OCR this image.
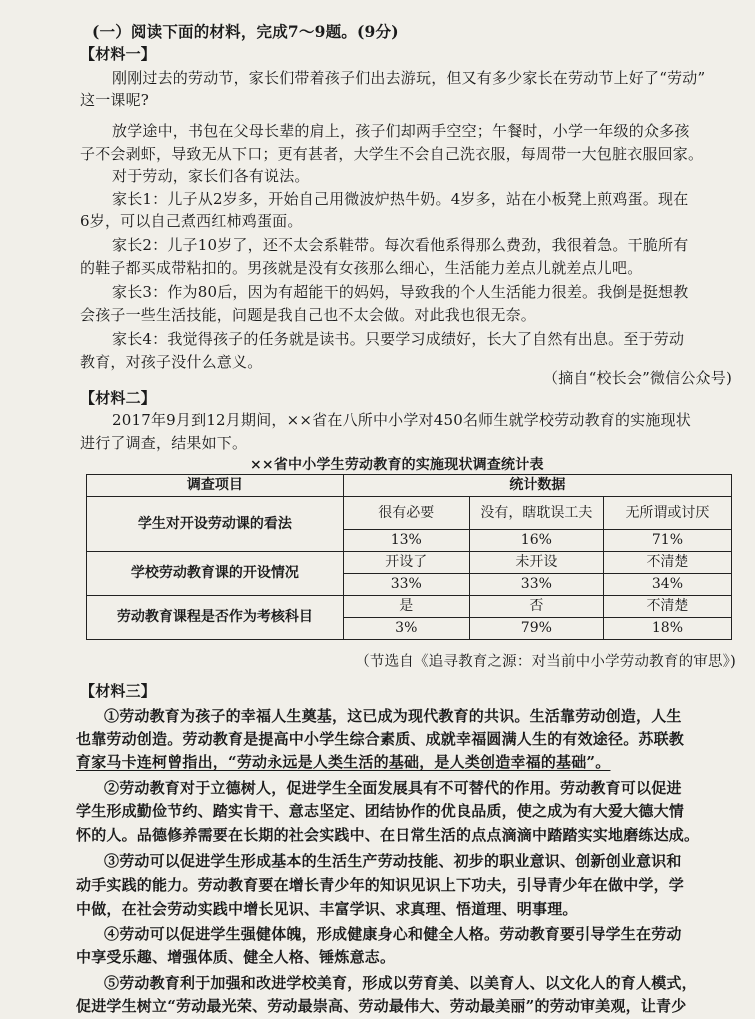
(一）阅读下面的材料，完成7～9题。(9分)
【材料一】
刚刚过去的劳动节，家长们带着孩子们出去游玩，但又有多少家长在劳动节上好了“劳动”
这一课呢?
放学途中，书包在父母长辈的肩上，孩子们却两手空空；午餐时，小学一年级的众多孩
子不会剥虾，导致无从下口；更有甚者，大学生不会自己洗衣服，每周带一大包脏衣服回家。
对于劳动，家长们各有说法。
家长1：儿子从2岁多，开始自己用微波炉热牛奶。4岁多，站在小板凳上煎鸡蛋。现在
6岁，可以自己煮西红柿鸡蛋面。
家长2：儿子10岁了，还不太会系鞋带。每次看他系得那么费劲，我很着急。干脆所有
的鞋子都买成带粘扣的。男孩就是没有女孩那么细心，生活能力差点儿就差点儿吧。
家长3：作为80后，因为有超能干的妈妈，导致我的个人生活能力很差。我倒是挺想教
会孩子一些生活技能，问题是我自己也不太会做。对此我也很无奈。
家长4：我觉得孩子的任务就是读书。只要学习成绩好，长大了自然有出息。至于劳动
教育，对孩子没什么意义。
（摘自“校长会”微信公众号)
【材料二】
2017年9月到12月期间，××省在八所中小学对450名师生就学校劳动教育的实施现状
进行了调查，结果如下。
××省中小学生劳动教育的实施现状调查统计表
调查项目	统计数据		
学生对开设劳动课的看法	很有必要	没有，瞎耽误工夫	无所谓或讨厌
	13%	16%	71%
学校劳动教育课的开设情况	开设了	未开设	不清楚
	33%	33%	34%
劳动教育课程是否作为考核科目	是	否	不清楚
	3%	79%	18%
（节选自《追寻教育之源：对当前中小学劳动教育的审思》)
【材料三】
①劳动教育为孩子的幸福人生奠基，这已成为现代教育的共识。生活靠劳动创造，人生
也靠劳动创造。劳动教育是提高中小学生综合素质、成就幸福圆满人生的有效途径。苏联教
育家马卡连柯曾指出，“劳动永远是人类生活的基础，是人类创造幸福的基础”。
②劳动教育对于立德树人，促进学生全面发展具有不可替代的作用。劳动教育可以促进
学生形成勤俭节约、踏实肯干、意志坚定、团结协作的优良品质，使之成为有大爱大德大情
怀的人。品德修养需要在长期的社会实践中、在日常生活的点点滴滴中踏踏实实地磨练达成。
③劳动可以促进学生形成基本的生活生产劳动技能、初步的职业意识、创新创业意识和
动手实践的能力。劳动教育要在增长青少年的知识见识上下功夫，引导青少年在做中学，学
中做，在社会劳动实践中增长见识、丰富学识、求真理、悟道理、明事理。
④劳动可以促进学生强健体魄，形成健康身心和健全人格。劳动教育要引导学生在劳动
中享受乐趣、增强体质、健全人格、锤炼意志。
⑤劳动教育利于加强和改进学校美育，形成以劳育美、以美育人、以文化人的育人模式，
促进学生树立“劳动最光荣、劳动最崇高、劳动最伟大、劳动最美丽”的劳动审美观，让青少
